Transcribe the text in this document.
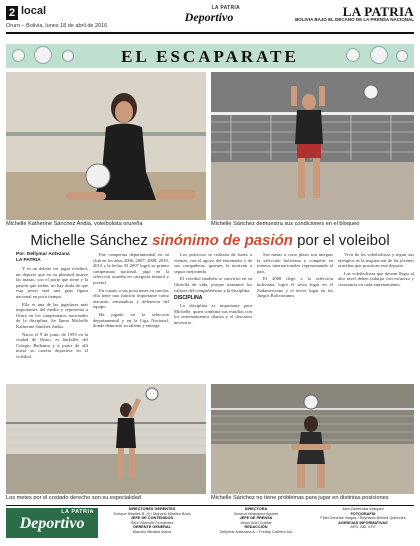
2 local	LA PATRIA
Deportivo	LA PATRIA
BOLIVIA BAJO EL DECANO DE LA PRENSA NACIONAL
Oruro – Bolivia, lunes 18 de abril de 2016
EL ESCAPARATE
Michelle Katherine Sánchez Andia, voleibolista orureña	Michelle Sánchez demuestra sus condiciones en el bloqueo
Michelle Sánchez sinónimo de pasión por el voleibol
Por: Dellymar Antezana
LA PATRIA

Y es un deleite ver jugar voleibol, un deporte que en su plenitud mueve las masas; con el porte que tiene y la pasión que siente, no hay duda de que esta joven será una gran figura nacional en poco tiempo.

Ella es una de las jugadoras más importantes del medio y representa a Oruro en los campeonatos nacionales de la disciplina. Se llama Michelle Katherine Sánchez Andia.

Nació el 9 de junio de 1993 en la ciudad de Oruro, es bachiller del Colegio Bethania y a partir de allí inició su carrera deportiva en el voleibol.

Fue campeona departamental en su club en los años 2006, 2007, 2008, 2010, 2012 y la fecha. El 2007 logró su primer campeonato nacional, jugó en la selección orureña en categoría infantil y juvenil.

En cuanto a sus posiciones en cancha, ella tiene una función importante como atacante, rematadora y defensora del equipo.

Ha jugado en la selección departamental y en la Liga Nacional, donde demostró su talento y entrega.

Los prácticos se realizan de lunes a viernes, con el apoyo del entrenador y de sus compañeras, quienes la motivan a seguir mejorando.

El voleibol también se convirtió en su filosofía de vida, porque transmite los valores del compañerismo y la disciplina.

DISCIPLINA

La disciplina es importante para Michelle, quien combina sus estudios con los entrenamientos diarios y el descanso necesario.

Sus metas a corto plazo son integrar la selección boliviana y competir en torneos internacionales representando al país.

El 2008 llegó a la selección boliviana, logró el sexto lugar en el Sudamericano y el tercer lugar en los Juegos Bolivarianos.

Vivir de los voleibolistas y seguir sus ejemplos es la inspiración de las jóvenes orureñas que practican este deporte.

Las voleibolistas que desean llegar al alto nivel deben trabajar con esfuerzo y constancia en cada entrenamiento.

Los metes por el costado derecho son su especialidad	Michelle Sánchez no tiene problemas para jugar en distintas posiciones
LA PATRIA
Deportivo
DIRECTORES GERENTES
Enrique Miralles B. (f) / Marcelo Miralles Bova
JEFE DE CONTENIDOS
Raúl Villarroel Fernández
GERENTE GENERAL
Marcelo Miralles Ibarra
DIRECTORA
Ximena Velásquez Aguirre
JEFE DE PRENSA
Jesús Ariel Cuéllar
REDACCIÓN
Dellymar Antezana A. / Freddy Cabrera Ulo
Alex Zambrana Vásquez
FOTOGRAFÍA
Fidel Canelas Vargas / Reynaldo Bellota Quiñones
AGENCIAS INFORMATIVAS
APG, ABI, EFE
